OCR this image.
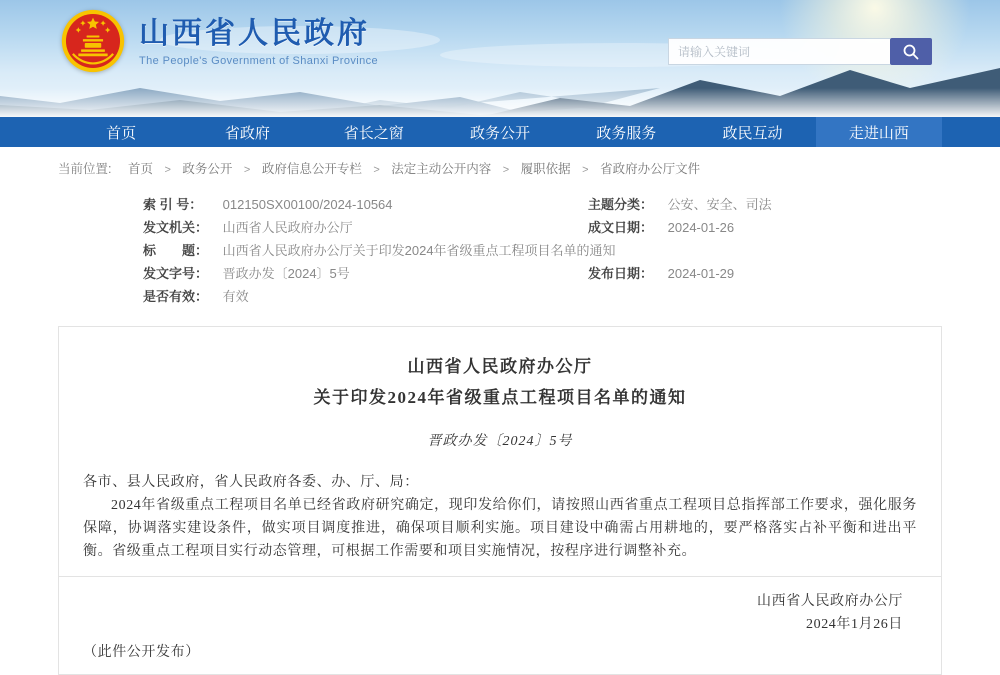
山西省人民政府
The People's Government of Shanxi Province
请输入关键词
首页	省政府	省长之窗	政务公开	政务服务	政民互动	走进山西
当前位置: 首页 > 政务公开 > 政府信息公开专栏 > 法定主动公开内容 > 履职依据 > 省政府办公厅文件
索 引 号： 012150SX00100/2024-10564	主题分类： 公安、安全、司法
发文机关： 山西省人民政府办公厅	成文日期： 2024-01-26
标　　题： 山西省人民政府办公厅关于印发2024年省级重点工程项目名单的通知
发文字号： 晋政办发〔2024〕5号	发布日期： 2024-01-29
是否有效： 有效
山西省人民政府办公厅
关于印发2024年省级重点工程项目名单的通知
晋政办发〔2024〕5号

各市、县人民政府，省人民政府各委、办、厅、局：

2024年省级重点工程项目名单已经省政府研究确定，现印发给你们，请按照山西省重点工程项目总指挥部工作要求，强化服务保障，协调落实建设条件，做实项目调度推进，确保项目顺利实施。项目建设中确需占用耕地的，要严格落实占补平衡和进出平衡。省级重点工程项目实行动态管理，可根据工作需要和项目实施情况，按程序进行调整补充。

山西省人民政府办公厅
2024年1月26日
（此件公开发布）
